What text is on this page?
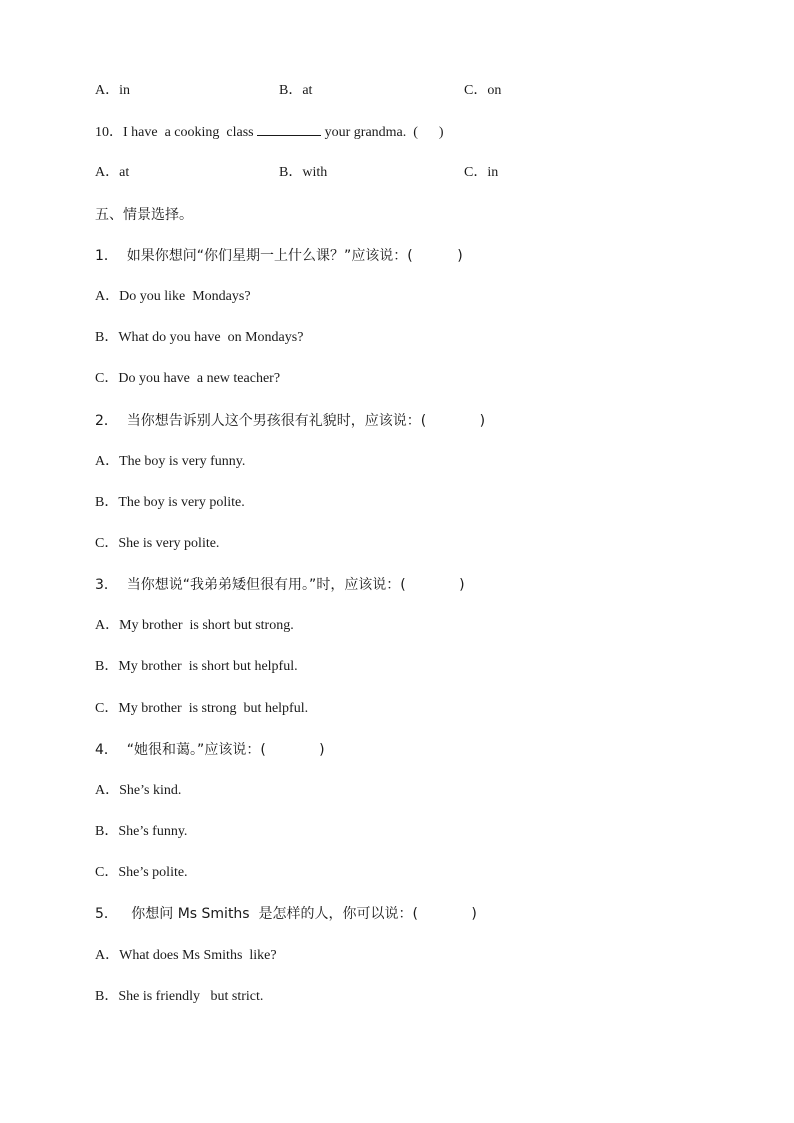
A．in	B．at	C．on
10．I have  a cooking  class	your grandma.  (      )
A．at	B．with	C．in
五、情景选择。
1．  如果你想问“你们星期一上什么课？”应该说：(          )
A．Do you like  Mondays?
B．What do you have  on Mondays?
C．Do you have  a new teacher?
2．  当你想告诉别人这个男孩很有礼貌时，应该说：(            )
A．The boy is very funny.
B．The boy is very polite.
C．She is very polite.
3．  当你想说“我弟弟矮但很有用。”时，应该说：(            )
A．My brother  is short but strong.
B．My brother  is short but helpful.
C．My brother  is strong  but helpful.
4．  “她很和蔼。”应该说：(            )
A．She’s kind.
B．She’s funny.
C．She’s polite.
5．   你想问 Ms Smiths  是怎样的人，你可以说：(            )
A．What does Ms Smiths  like?
B．She is friendly   but strict.
